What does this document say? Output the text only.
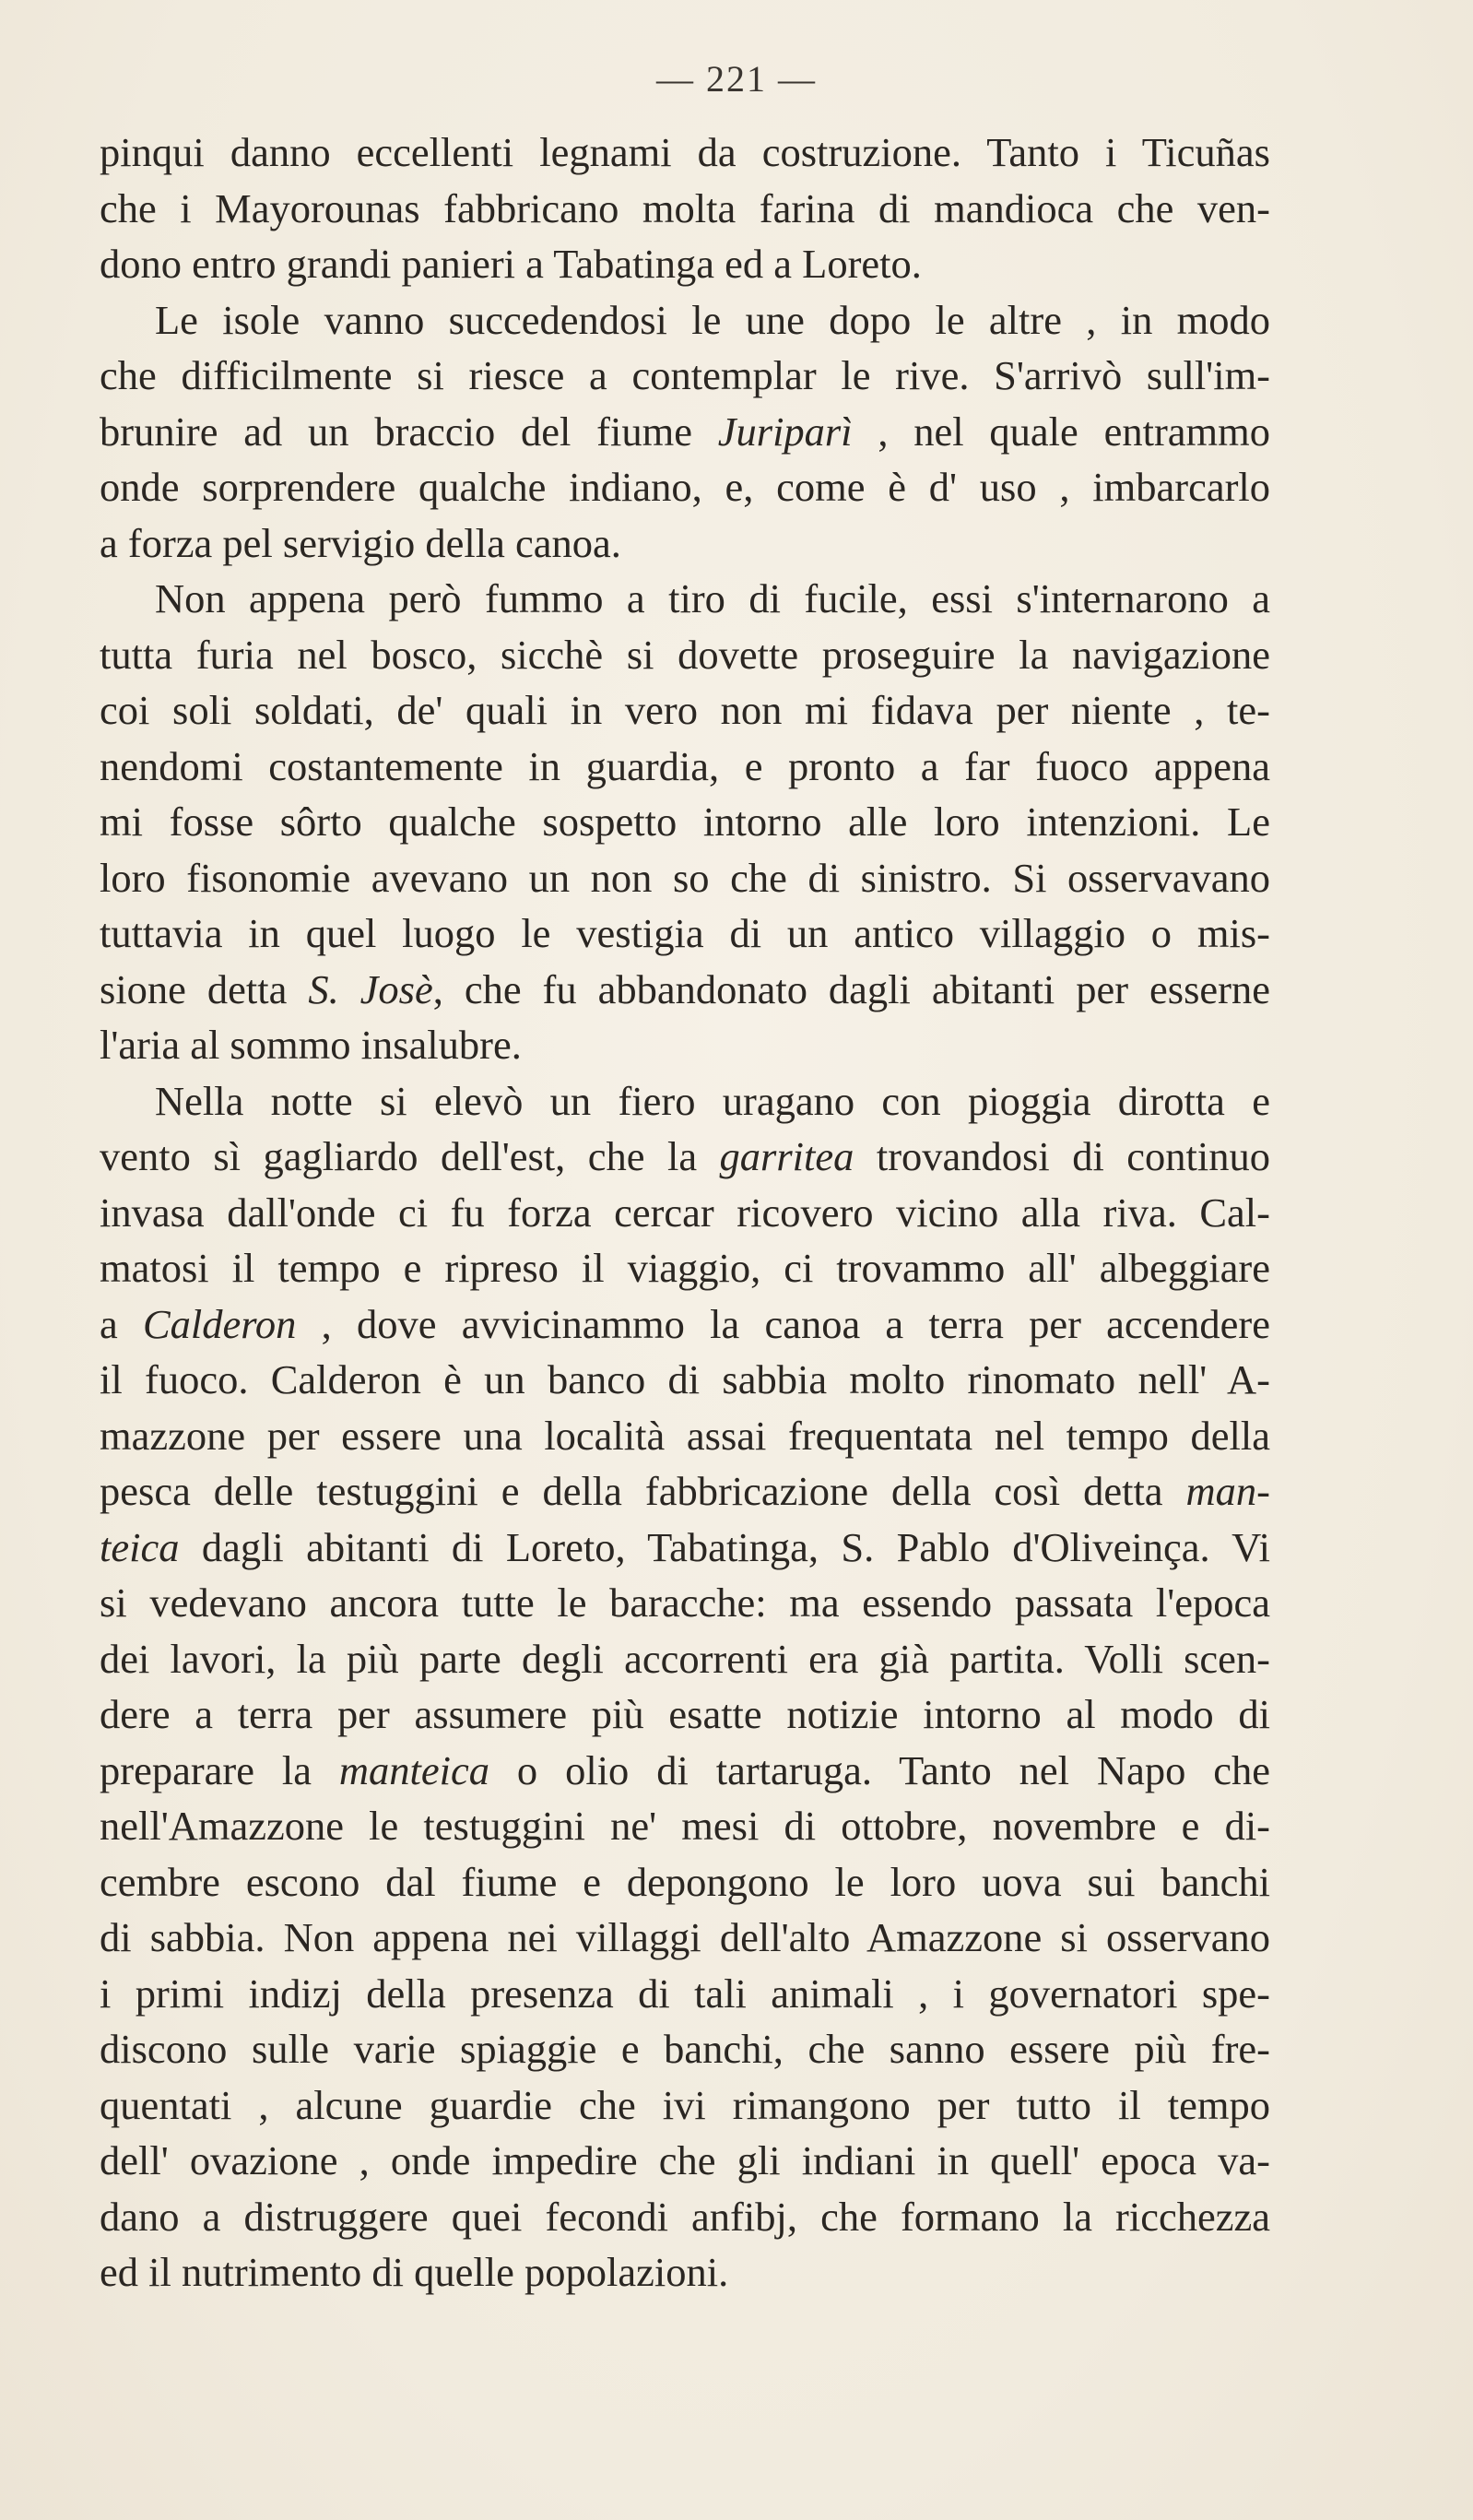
— 221 —
pinqui danno eccellenti legnami da costruzione. Tanto i Ticuñas
che i Mayorounas fabbricano molta farina di mandioca che ven-
dono entro grandi panieri a Tabatinga ed a Loreto.
Le isole vanno succedendosi le une dopo le altre , in modo
che difficilmente si riesce a contemplar le rive. S'arrivò sull'im-
brunire ad un braccio del fiume Juriparì , nel quale entrammo
onde sorprendere qualche indiano, e, come è d' uso , imbarcarlo
a forza pel servigio della canoa.
Non appena però fummo a tiro di fucile, essi s'internarono a
tutta furia nel bosco, sicchè si dovette proseguire la navigazione
coi soli soldati, de' quali in vero non mi fidava per niente , te-
nendomi costantemente in guardia, e pronto a far fuoco appena
mi fosse sôrto qualche sospetto intorno alle loro intenzioni. Le
loro fisonomie avevano un non so che di sinistro. Si osservavano
tuttavia in quel luogo le vestigia di un antico villaggio o mis-
sione detta S. Josè, che fu abbandonato dagli abitanti per esserne
l'aria al sommo insalubre.
Nella notte si elevò un fiero uragano con pioggia dirotta e
vento sì gagliardo dell'est, che la garritea trovandosi di continuo
invasa dall'onde ci fu forza cercar ricovero vicino alla riva. Cal-
matosi il tempo e ripreso il viaggio, ci trovammo all' albeggiare
a Calderon , dove avvicinammo la canoa a terra per accendere
il fuoco. Calderon è un banco di sabbia molto rinomato nell' A-
mazzone per essere una località assai frequentata nel tempo della
pesca delle testuggini e della fabbricazione della così detta man-
teica dagli abitanti di Loreto, Tabatinga, S. Pablo d'Oliveinça. Vi
si vedevano ancora tutte le baracche: ma essendo passata l'epoca
dei lavori, la più parte degli accorrenti era già partita. Volli scen-
dere a terra per assumere più esatte notizie intorno al modo di
preparare la manteica o olio di tartaruga. Tanto nel Napo che
nell'Amazzone le testuggini ne' mesi di ottobre, novembre e di-
cembre escono dal fiume e depongono le loro uova sui banchi
di sabbia. Non appena nei villaggi dell'alto Amazzone si osservano
i primi indizj della presenza di tali animali , i governatori spe-
discono sulle varie spiaggie e banchi, che sanno essere più fre-
quentati , alcune guardie che ivi rimangono per tutto il tempo
dell' ovazione , onde impedire che gli indiani in quell' epoca va-
dano a distruggere quei fecondi anfibj, che formano la ricchezza
ed il nutrimento di quelle popolazioni.
